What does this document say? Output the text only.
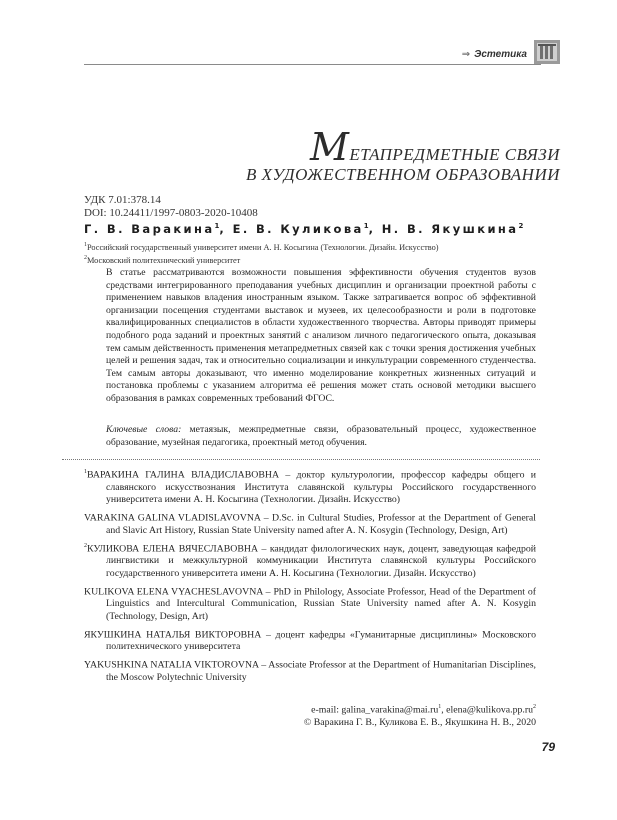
⇒ Эстетика
МЕТАПРЕДМЕТНЫЕ СВЯЗИ
В ХУДОЖЕСТВЕННОМ ОБРАЗОВАНИИ
УДК 7.01:378.14
DOI: 10.24411/1997-0803-2020-10408
Г. В. Варакина$^1$, Е. В. Куликова$^1$, Н. В. Якушкина$^2$
$^1$Российский государственный университет имени А. Н. Косыгина (Технологии. Дизайн. Искусство)
$^2$Московский политехнический университет
В статье рассматриваются возможности повышения эффективности обучения студентов вузов средствами интегрированного преподавания учебных дисциплин и организации проектной работы с применением навыков владения иностранным языком. Также затрагивается вопрос об эффективной организации посещения студентами выставок и музеев, их целесообразности и роли в подготовке квалифицированных специалистов в области художественного творчества. Авторы приводят примеры подобного рода заданий и проектных занятий с анализом личного педагогического опыта, доказывая тем самым действенность применения метапредметных связей как с точки зрения достижения учебных целей и решения задач, так и относительно социализации и инкультурации современного студенчества. Тем самым авторы доказывают, что именно моделирование конкретных жизненных ситуаций и постановка проблемы с указанием алгоритма её решения может стать основой методики высшего образования в рамках современных требований ФГОС.
Ключевые слова: метаязык, межпредметные связи, образовательный процесс, художественное образование, музейная педагогика, проектный метод обучения.

$^1$ВАРАКИНА ГАЛИНА ВЛАДИСЛАВОВНА – доктор культурологии, профессор кафедры общего и славянского искусствознания Института славянской культуры Российского государственного университета имени А. Н. Косыгина (Технологии. Дизайн. Искусство)

VARAKINA GALINA VLADISLAVOVNA – D.Sc. in Cultural Studies, Professor at the Department of General and Slavic Art History, Russian State University named after A. N. Kosygin (Technology, Design, Art)

$^2$КУЛИКОВА ЕЛЕНА ВЯЧЕСЛАВОВНА – кандидат филологических наук, доцент, заведующая кафедрой лингвистики и межкультурной коммуникации Института славянской культуры Российского государственного университета имени А. Н. Косыгина (Технологии. Дизайн. Искусство)

KULIKOVA ELENA VYACHESLAVOVNA – PhD in Philology, Associate Professor, Head of the Department of Linguistics and Intercultural Communication, Russian State University named after A. N. Kosygin (Technology, Design, Art)

ЯКУШКИНА НАТАЛЬЯ ВИКТОРОВНА – доцент кафедры «Гуманитарные дисциплины» Московского политехнического университета

YAKUSHKINA NATALIA VIKTOROVNA – Associate Professor at the Department of Humanitarian Disciplines, the Moscow Polytechnic University

e-mail: $galina\_varakina@mai.ru^1$, $elena@kulikova.pp.ru^2$
© Варакина Г. В., Куликова Е. В., Якушкина Н. В., 2020
79
